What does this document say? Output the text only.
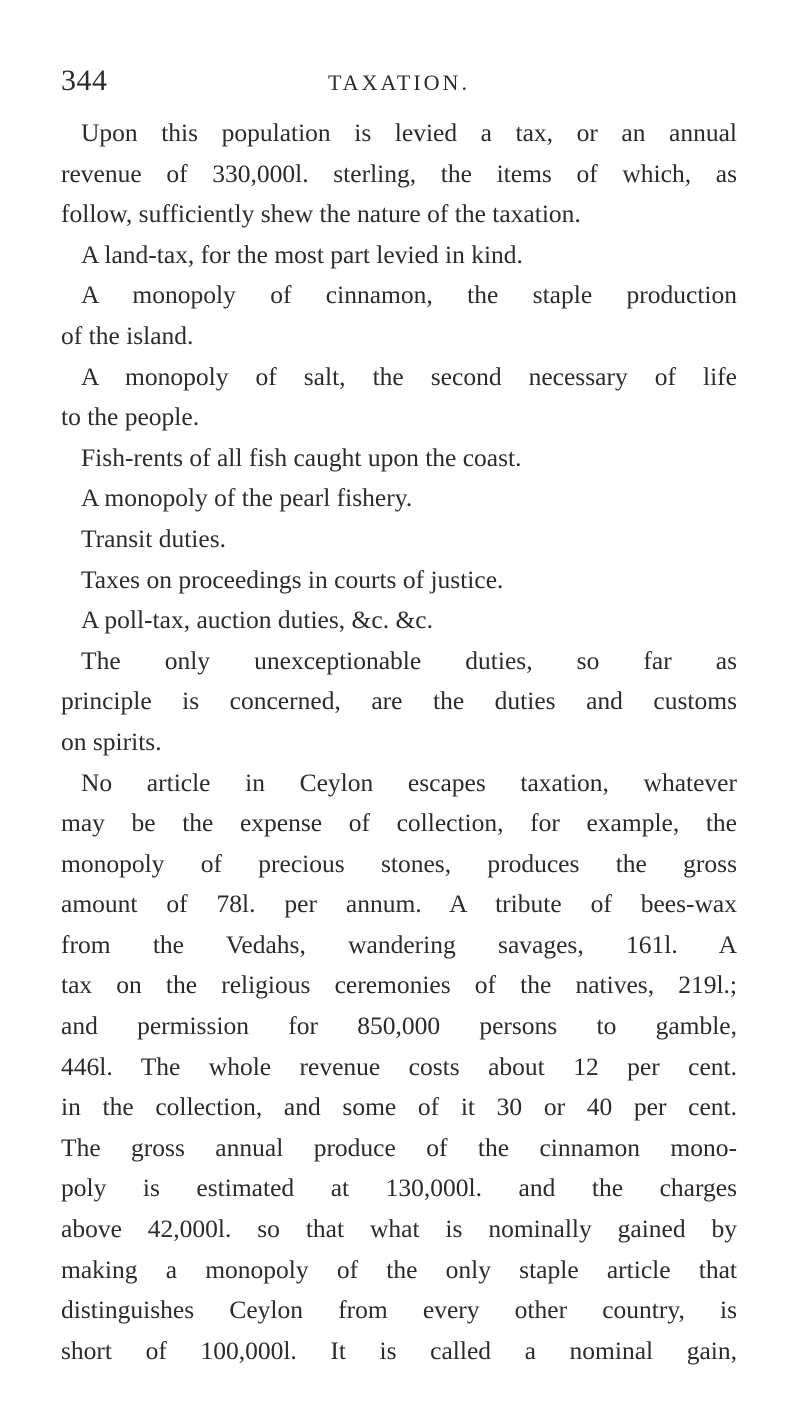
344	TAXATION.
Upon this population is levied a tax, or an annual
revenue of 330,000l. sterling, the items of which, as
follow, sufficiently shew the nature of the taxation.
A land-tax, for the most part levied in kind.
A monopoly of cinnamon, the staple production
of the island.
A monopoly of salt, the second necessary of life
to the people.
Fish-rents of all fish caught upon the coast.
A monopoly of the pearl fishery.
Transit duties.
Taxes on proceedings in courts of justice.
A poll-tax, auction duties, &c. &c.
The only unexceptionable duties, so far as
principle is concerned, are the duties and customs
on spirits.
No article in Ceylon escapes taxation, whatever
may be the expense of collection, for example, the
monopoly of precious stones, produces the gross
amount of 78l. per annum. A tribute of bees-wax
from the Vedahs, wandering savages, 161l. A
tax on the religious ceremonies of the natives, 219l.;
and permission for 850,000 persons to gamble,
446l. The whole revenue costs about 12 per cent.
in the collection, and some of it 30 or 40 per cent.
The gross annual produce of the cinnamon mono-
poly is estimated at 130,000l. and the charges
above 42,000l. so that what is nominally gained by
making a monopoly of the only staple article that
distinguishes Ceylon from every other country, is
short of 100,000l. It is called a nominal gain,
